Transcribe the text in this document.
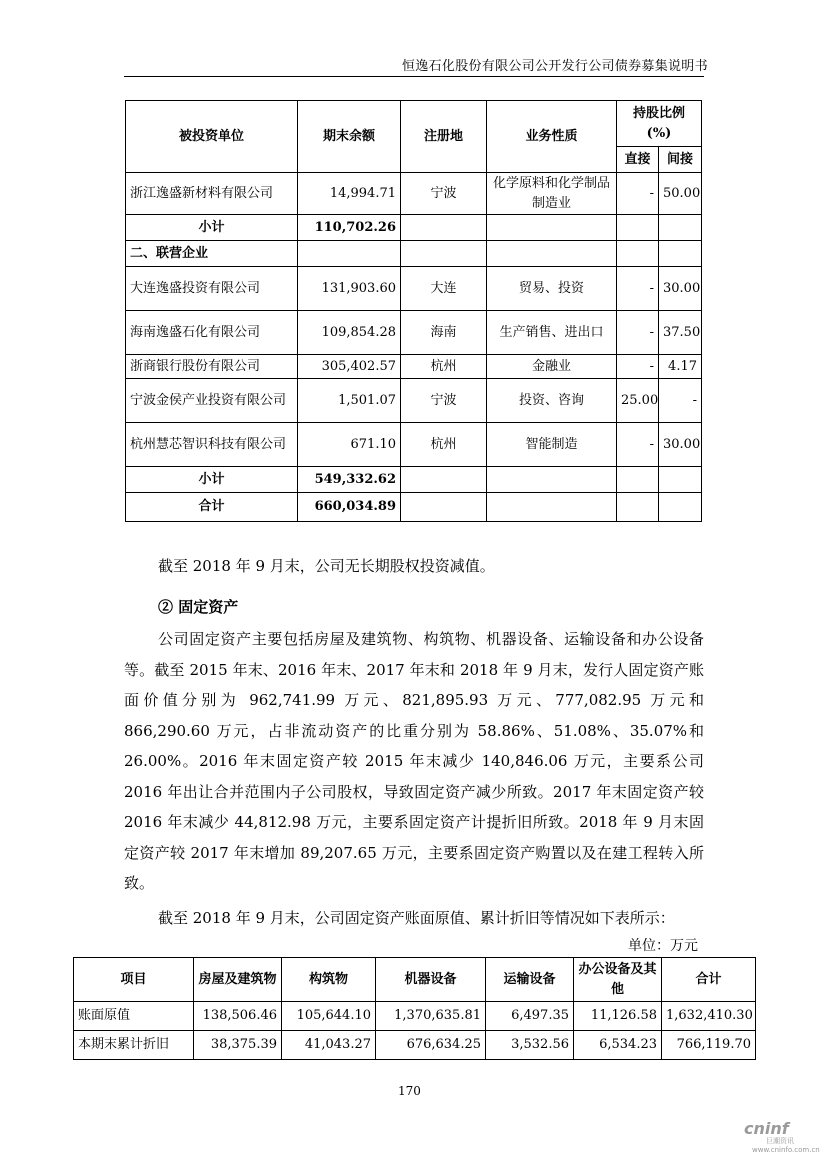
恒逸石化股份有限公司公开发行公司债券募集说明书
被投资单位	期末余额	注册地	业务性质	持股比例(%)	
				直接	间接
浙江逸盛新材料有限公司	14,994.71	宁波	化学原料和化学制品制造业	-	50.00
小计	110,702.26				
二、联营企业					
大连逸盛投资有限公司	131,903.60	大连	贸易、投资	-	30.00
海南逸盛石化有限公司	109,854.28	海南	生产销售、进出口	-	37.50
浙商银行股份有限公司	305,402.57	杭州	金融业	-	4.17
宁波金侯产业投资有限公司	1,501.07	宁波	投资、咨询	25.00	-
杭州慧芯智识科技有限公司	671.10	杭州	智能制造	-	30.00
小计	549,332.62				
合计	660,034.89				
截至 2018 年 9 月末，公司无长期股权投资减值。
② 固定资产
公司固定资产主要包括房屋及建筑物、构筑物、机器设备、运输设备和办公设备等。截至 2015 年末、2016 年末、2017 年末和 2018 年 9 月末，发行人固定资产账面价值分别为 962,741.99 万元、821,895.93 万元、777,082.95 万元和 866,290.60 万元，占非流动资产的比重分别为 58.86%、51.08%、35.07%和 26.00%。2016 年末固定资产较 2015 年末减少 140,846.06 万元，主要系公司 2016 年出让合并范围内子公司股权，导致固定资产减少所致。2017 年末固定资产较 2016 年末减少 44,812.98 万元，主要系固定资产计提折旧所致。2018 年 9 月末固定资产较 2017 年末增加 89,207.65 万元，主要系固定资产购置以及在建工程转入所致。
截至 2018 年 9 月末，公司固定资产账面原值、累计折旧等情况如下表所示：
单位：万元
项目	房屋及建筑物	构筑物	机器设备	运输设备	办公设备及其他	合计
账面原值	138,506.46	105,644.10	1,370,635.81	6,497.35	11,126.58	1,632,410.30
本期末累计折旧	38,375.39	41,043.27	676,634.25	3,532.56	6,534.23	766,119.70
170
cninf
巨潮资讯
www.cninfo.com.cn
